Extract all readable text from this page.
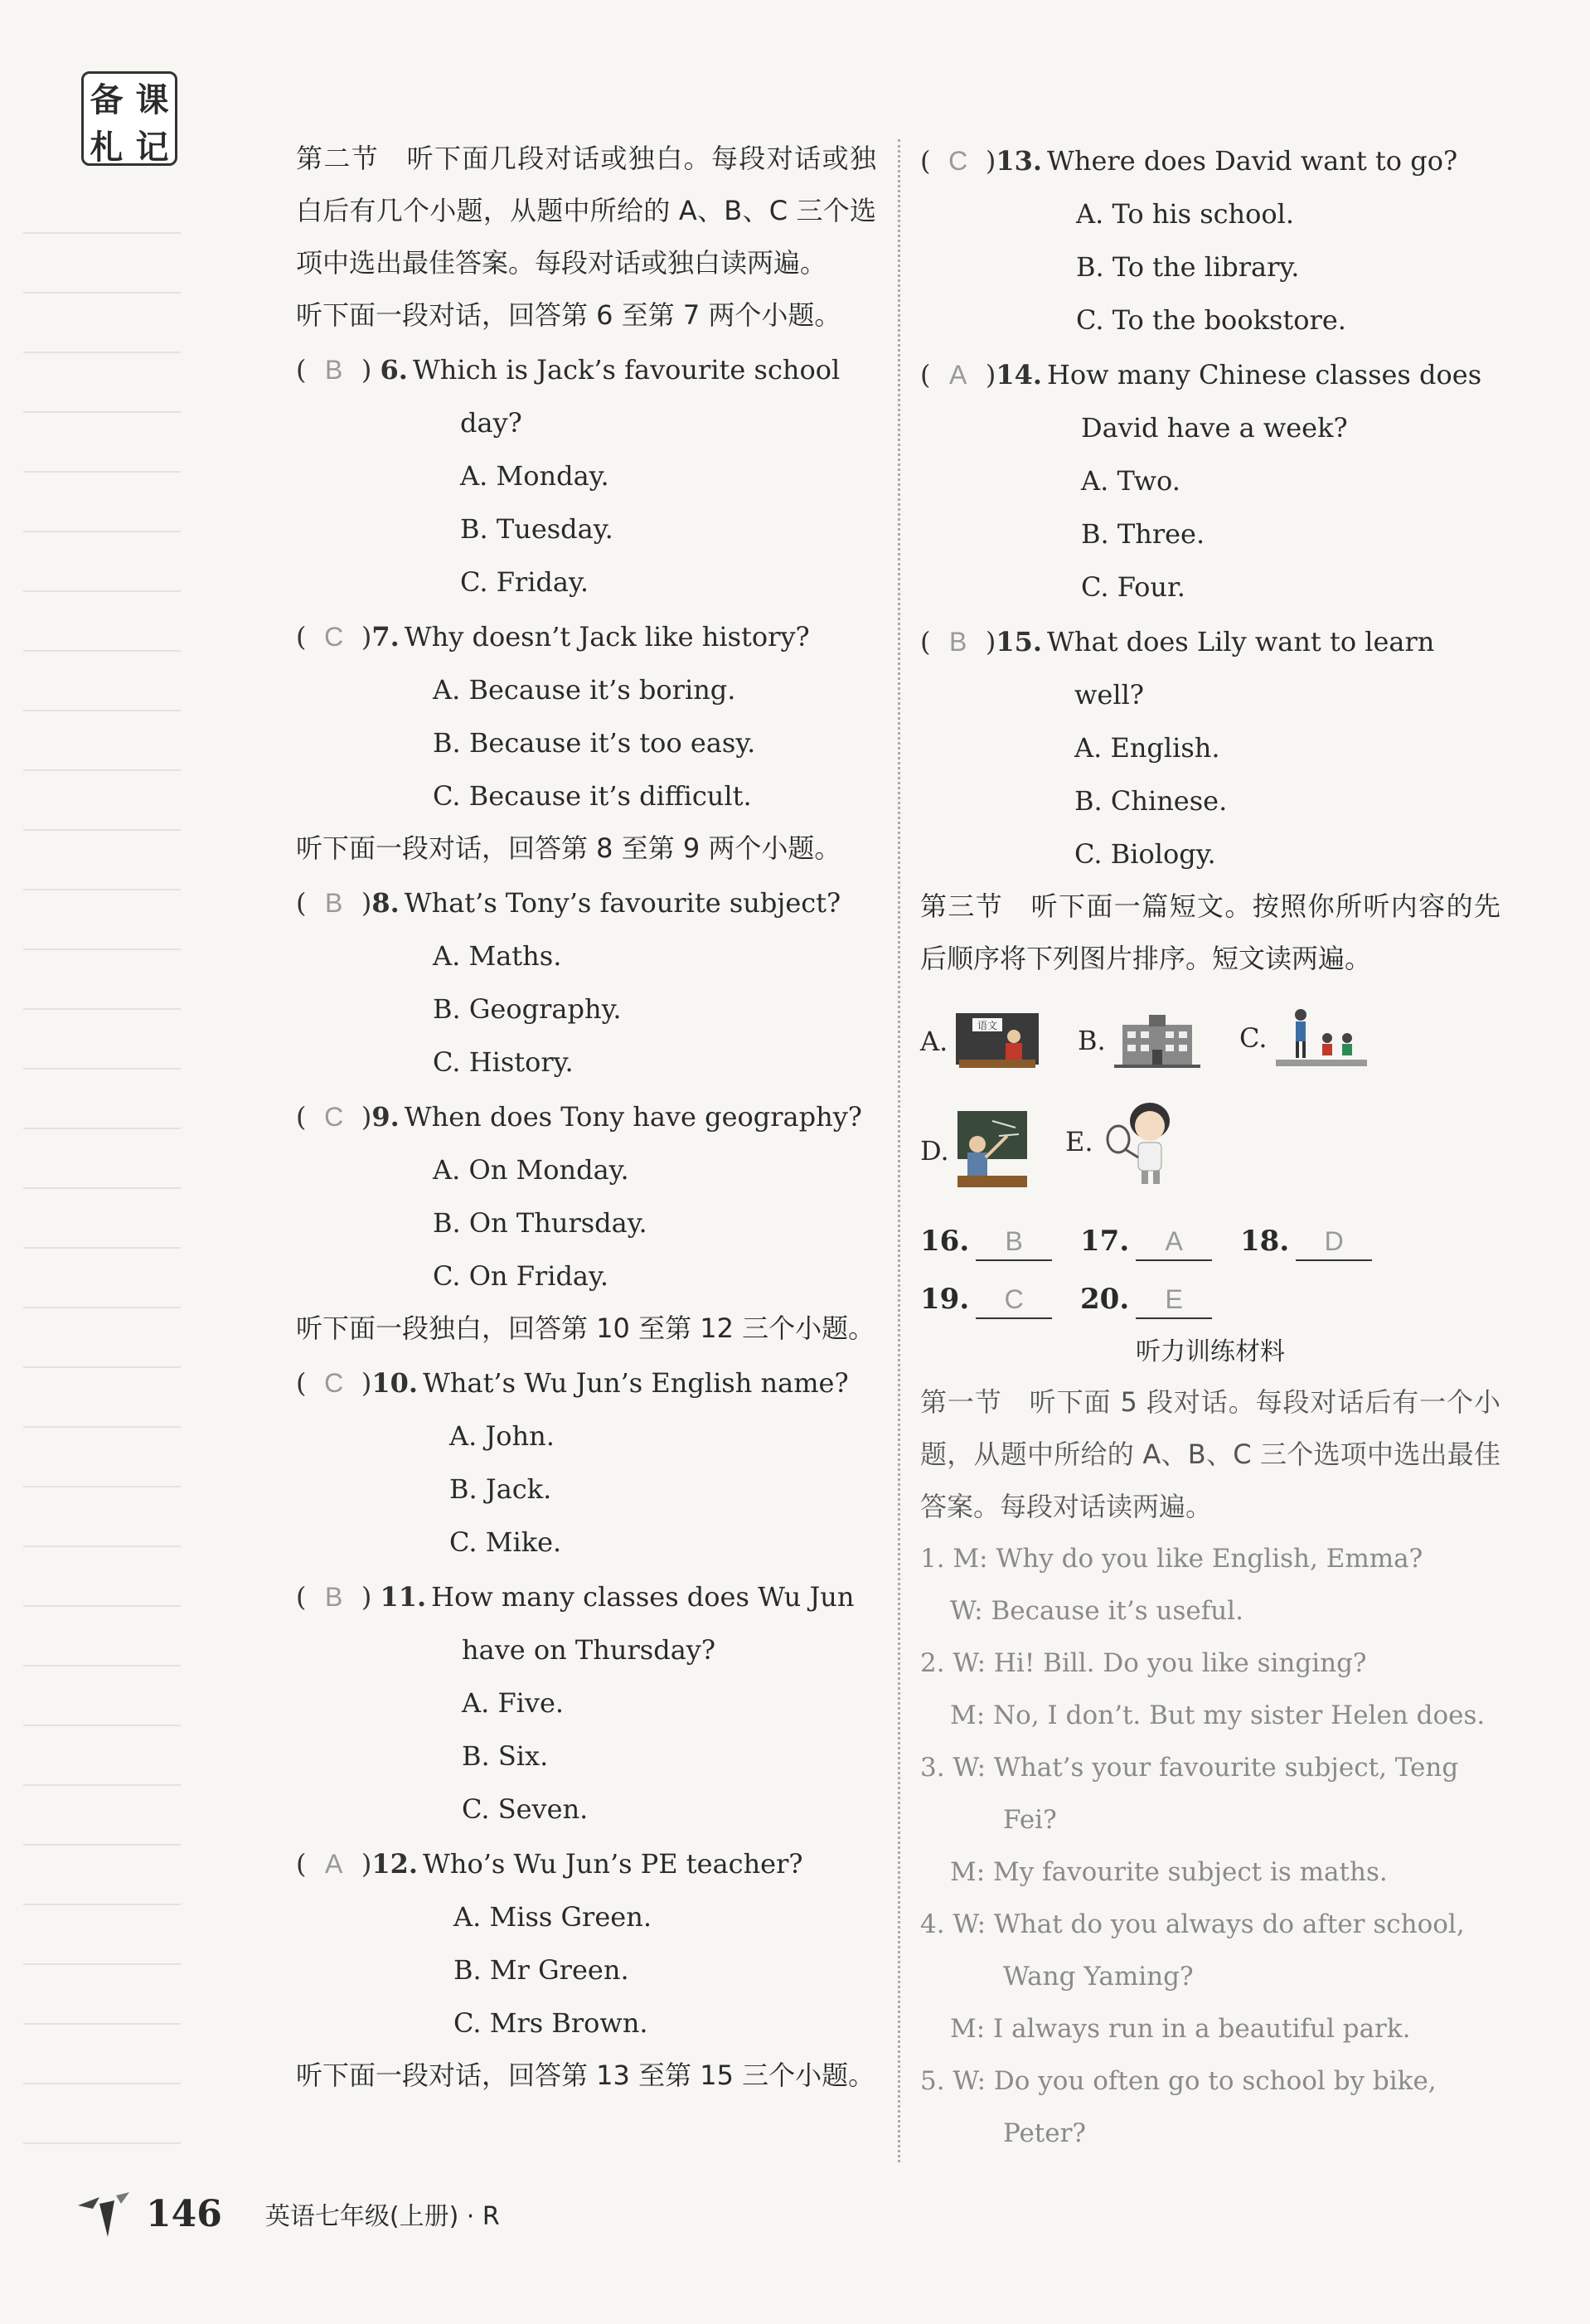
备 课
札 记	第二节　听下面几段对话或独白。每段对话或独白后有几个小题，从题中所给的 A、B、C 三个选项中选出最佳答案。每段对话或独白读两遍。
听下面一段对话，回答第 6 至第 7 两个小题。
( B ) 6. Which is Jack’s favourite school
day?
A. Monday.
B. Tuesday.
C. Friday.
( C ) 7. Why doesn’t Jack like history?
A. Because it’s boring.
B. Because it’s too easy.
C. Because it’s difficult.
听下面一段对话，回答第 8 至第 9 两个小题。
( B ) 8. What’s Tony’s favourite subject?
A. Maths.
B. Geography.
C. History.
( C ) 9. When does Tony have geography?
A. On Monday.
B. On Thursday.
C. On Friday.
听下面一段独白，回答第 10 至第 12 三个小题。
( C ) 10. What’s Wu Jun’s English name?
A. John.
B. Jack.
C. Mike.
( B ) 11. How many classes does Wu Jun
have on Thursday?
A. Five.
B. Six.
C. Seven.
( A ) 12. Who’s Wu Jun’s PE teacher?
A. Miss Green.
B. Mr Green.
C. Mrs Brown.
听下面一段对话，回答第 13 至第 15 三个小题。
( C ) 13. Where does David want to go?
A. To his school.
B. To the library.
C. To the bookstore.
( A ) 14. How many Chinese classes does
David have a week?
A. Two.
B. Three.
C. Four.
( B ) 15. What does Lily want to learn
well?
A. English.
B. Chinese.
C. Biology.
第三节　听下面一篇短文。按照你所听内容的先后顺序将下列图片排序。短文读两遍。
A.	语文	B.	C.
D.	E.
16. B 17. A 18. D
19. C 20. E
听力训练材料
第一节　听下面 5 段对话。每段对话后有一个小题，从题中所给的 A、B、C 三个选项中选出最佳答案。每段对话读两遍。
1. M: Why do you like English, Emma?
W: Because it’s useful.
2. W: Hi! Bill. Do you like singing?
M: No, I don’t. But my sister Helen does.
3. W: What’s your favourite subject, Teng
Fei?
M: My favourite subject is maths.
4. W: What do you always do after school,
Wang Yaming?
M: I always run in a beautiful park.
5. W: Do you often go to school by bike,
Peter?
146 英语七年级(上册) · R
